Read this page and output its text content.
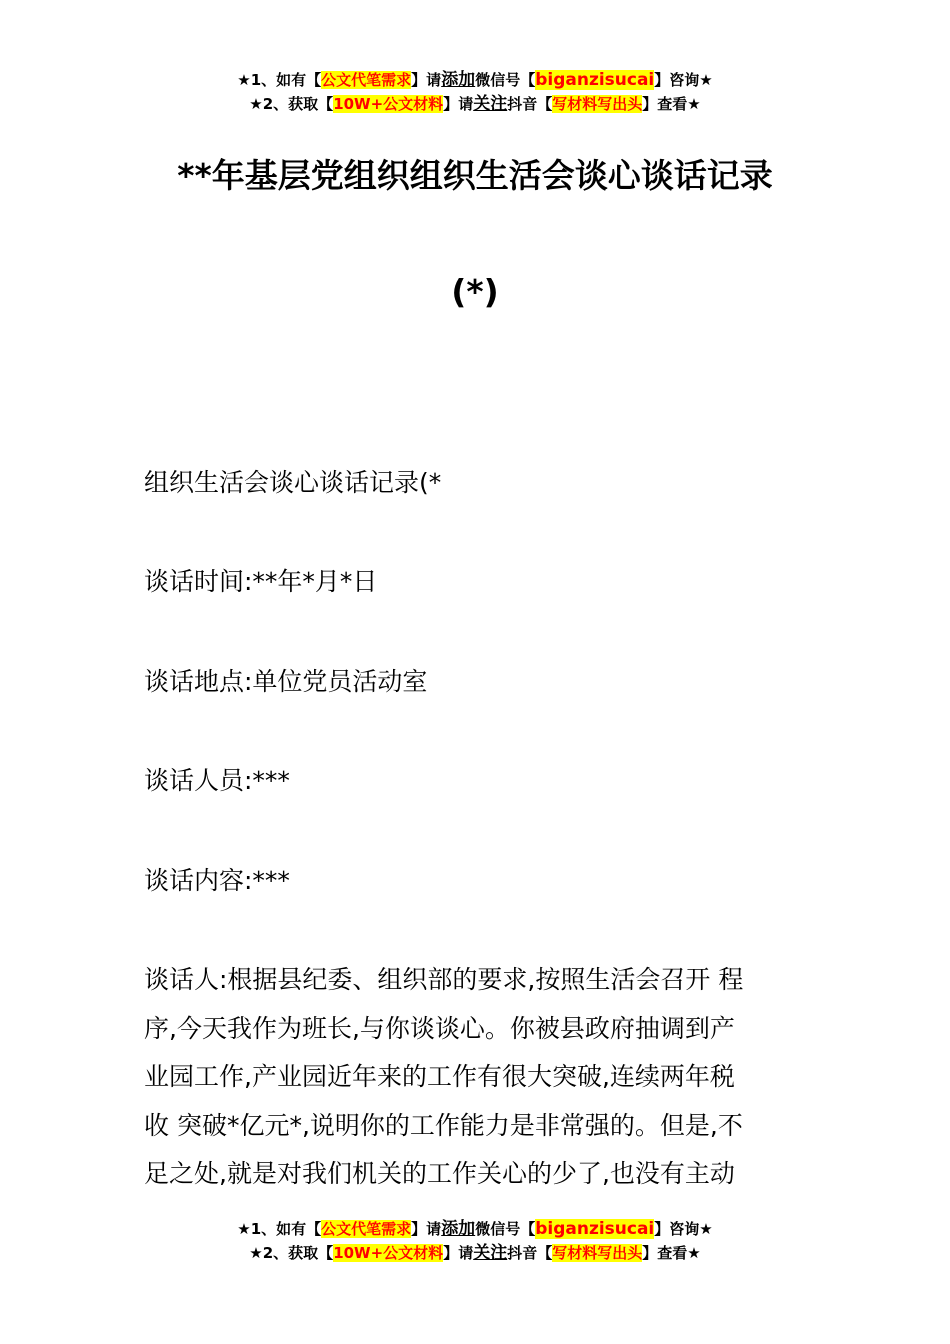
★1、如有【公文代笔需求】请添加微信号【biganzisucai】咨询★
★2、获取【10W+公文材料】请关注抖音【写材料写出头】查看★
**年基层党组织组织生活会谈心谈话记录
(*)
组织生活会谈心谈话记录(*
谈话时间:**年*月*日
谈话地点:单位党员活动室
谈话人员:***
谈话内容:***
谈话人:根据县纪委、组织部的要求,按照生活会召开 程
序,今天我作为班长,与你谈谈心。你被县政府抽调到产
业园工作,产业园近年来的工作有很大突破,连续两年税
收 突破*亿元*,说明你的工作能力是非常强的。但是,不
足之处,就是对我们机关的工作关心的少了,也没有主动
★1、如有【公文代笔需求】请添加微信号【biganzisucai】咨询★
★2、获取【10W+公文材料】请关注抖音【写材料写出头】查看★
